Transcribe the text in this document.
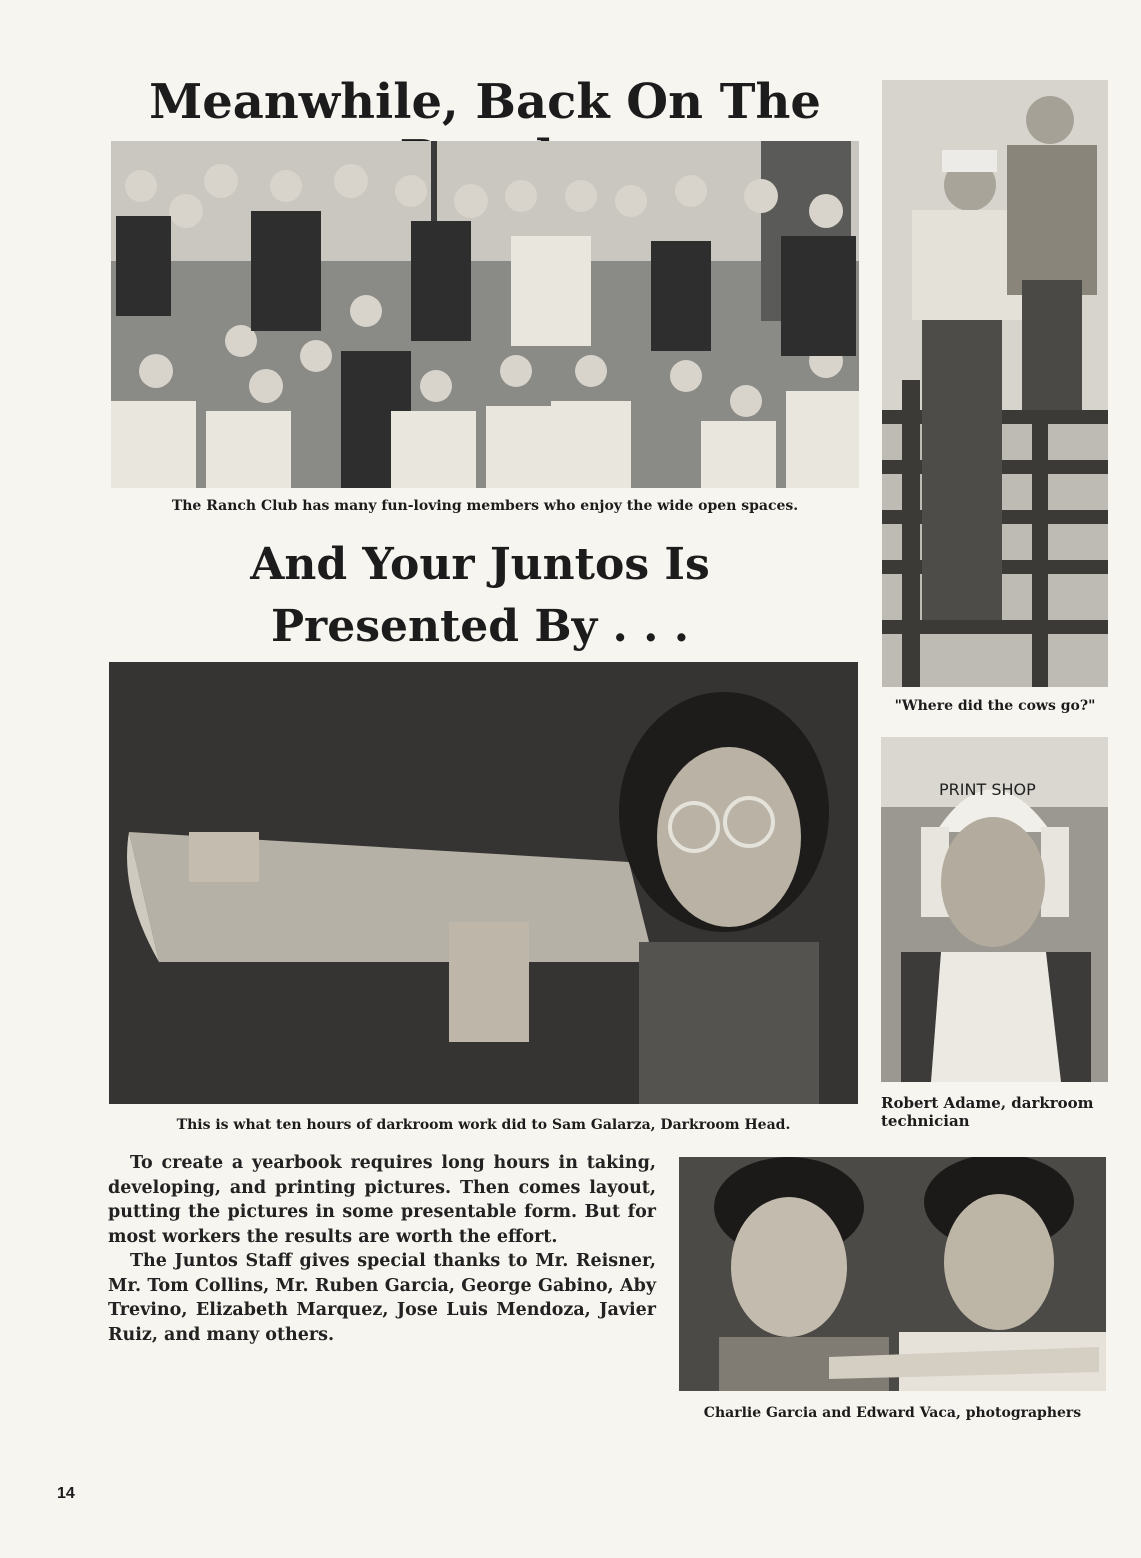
Meanwhile, Back On The
The Ranch Club has many fun-loving members who enjoy the wide open spaces.
And Your Juntos Is
Presented By . . .
"Where did the cows go?"
This is what ten hours of darkroom work did to Sam Galarza, Darkroom Head.
PRINT SHOP
Robert Adame, darkroom
technician

To create a yearbook requires long hours in taking, developing, and printing pictures. Then comes layout, putting the pictures in some presentable form. But for most workers the results are worth the effort.

The Juntos Staff gives special thanks to Mr. Reisner, Mr. Tom Collins, Mr. Ruben Garcia, George Gabino, Aby Trevino, Elizabeth Marquez, Jose Luis Mendoza, Javier Ruiz, and many others.

Charlie Garcia and Edward Vaca, photographers
14
